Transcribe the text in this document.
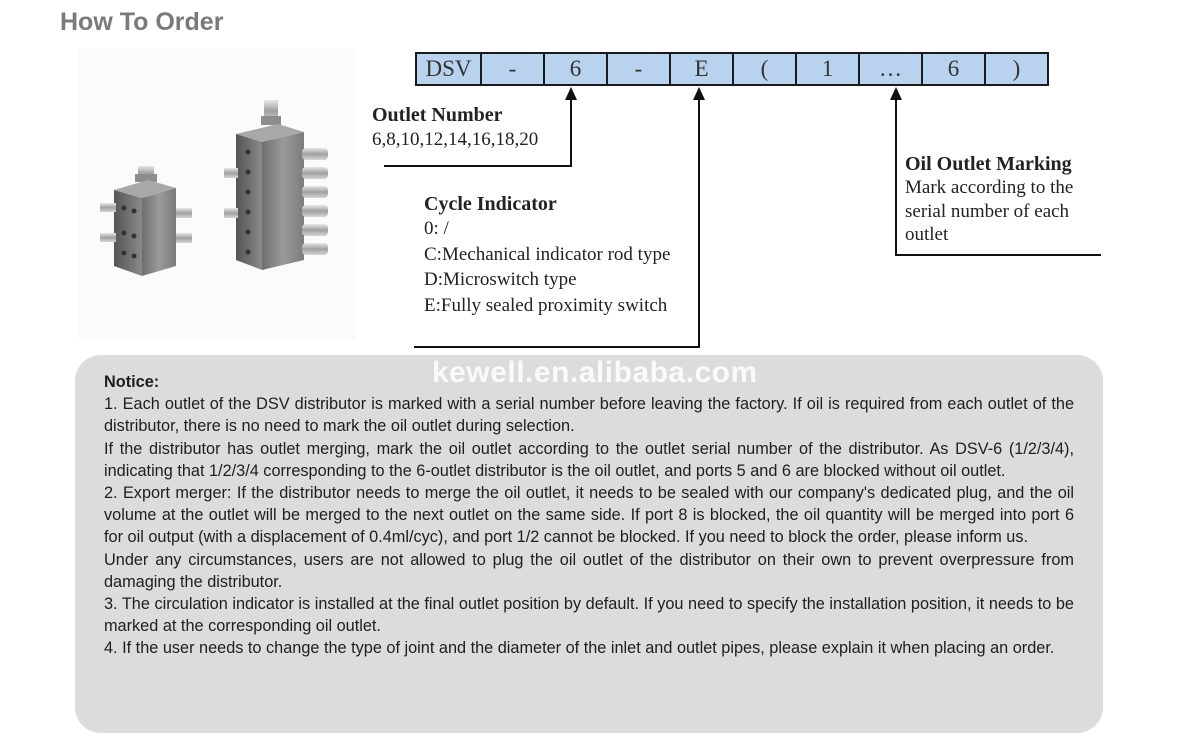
How To Order
DSV	-	6	-	E	(	1	…	6	)
Outlet Number
6,8,10,12,14,16,18,20
Cycle Indicator
0: /
C:Mechanical indicator rod type
D:Microswitch type
E:Fully sealed proximity switch
Oil Outlet Marking
Mark according to the
serial number of each
outlet

Notice:

1. Each outlet of the DSV distributor is marked with a serial number before leaving the factory. If oil is required from each outlet of the distributor, there is no need to mark the oil outlet during selection.

If the distributor has outlet merging, mark the oil outlet according to the outlet serial number of the distributor. As DSV-6 (1/2/3/4), indicating that 1/2/3/4 corresponding to the 6-outlet distributor is the oil outlet, and ports 5 and 6 are blocked without oil outlet.

2. Export merger: If the distributor needs to merge the oil outlet, it needs to be sealed with our company's dedicated plug, and the oil volume at the outlet will be merged to the next outlet on the same side. If port 8 is blocked, the oil quantity will be merged into port 6 for oil output (with a displacement of 0.4ml/cyc), and port 1/2 cannot be blocked. If you need to block the order, please inform us.

Under any circumstances, users are not allowed to plug the oil outlet of the distributor on their own to prevent overpressure from damaging the distributor.

3. The circulation indicator is installed at the final outlet position by default. If you need to specify the installation position, it needs to be marked at the corresponding oil outlet.

4. If the user needs to change the type of joint and the diameter of the inlet and outlet pipes, please explain it when placing an order.

kewell.en.alibaba.com
